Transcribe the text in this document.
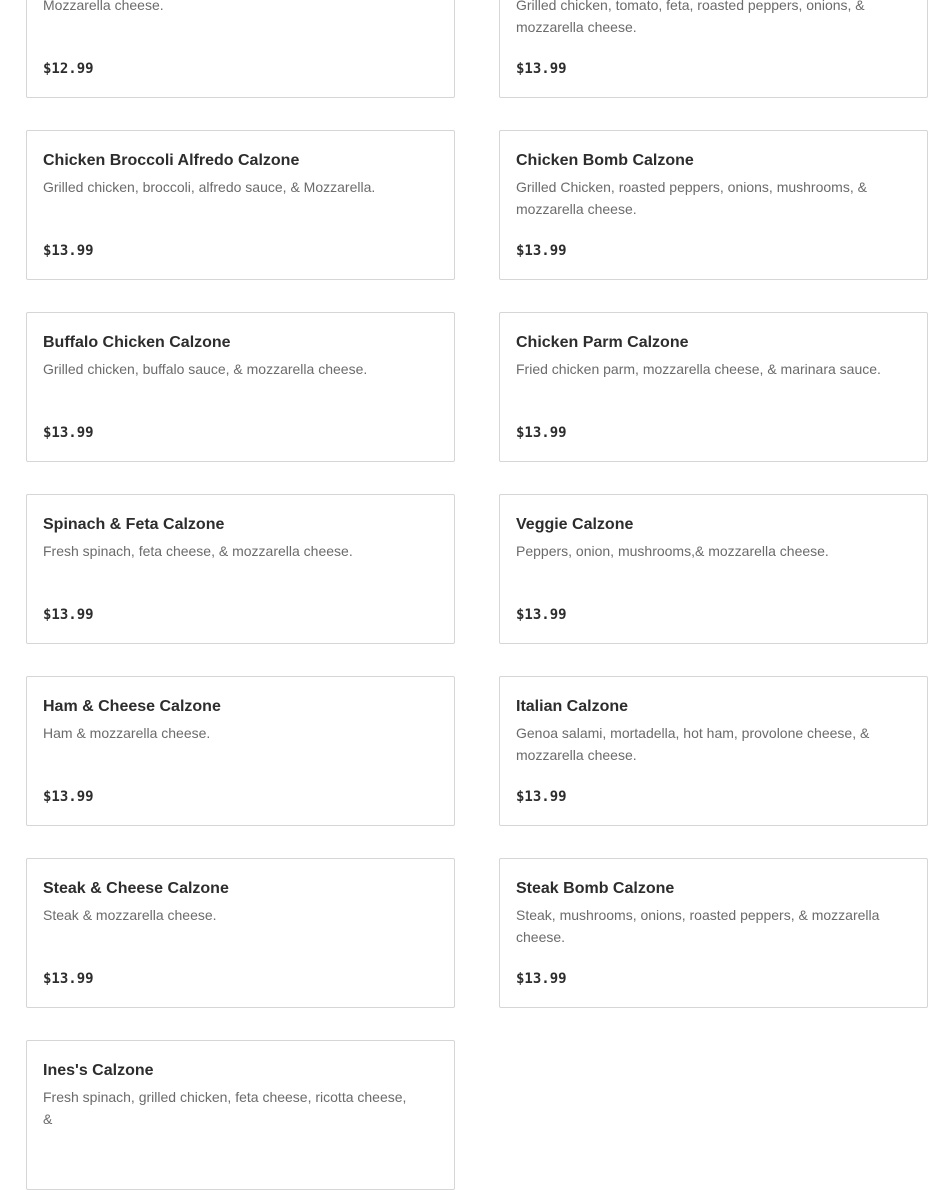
Mozzarella cheese.
$12.99
Grilled chicken, tomato, feta, roasted peppers, onions, & mozzarella cheese.
$13.99
Chicken Broccoli Alfredo Calzone
Grilled chicken, broccoli, alfredo sauce, & Mozzarella.
$13.99
Chicken Bomb Calzone
Grilled Chicken, roasted peppers, onions, mushrooms, & mozzarella cheese.
$13.99
Buffalo Chicken Calzone
Grilled chicken, buffalo sauce, & mozzarella cheese.
$13.99
Chicken Parm Calzone
Fried chicken parm, mozzarella cheese, & marinara sauce.
$13.99
Spinach & Feta Calzone
Fresh spinach, feta cheese, & mozzarella cheese.
$13.99
Veggie Calzone
Peppers, onion, mushrooms,& mozzarella cheese.
$13.99
Ham & Cheese Calzone
Ham & mozzarella cheese.
$13.99
Italian Calzone
Genoa salami, mortadella, hot ham, provolone cheese, & mozzarella cheese.
$13.99
Steak & Cheese Calzone
Steak & mozzarella cheese.
$13.99
Steak Bomb Calzone
Steak, mushrooms, onions, roasted peppers, & mozzarella cheese.
$13.99
Ines's Calzone
Fresh spinach, grilled chicken, feta cheese, ricotta cheese, &
